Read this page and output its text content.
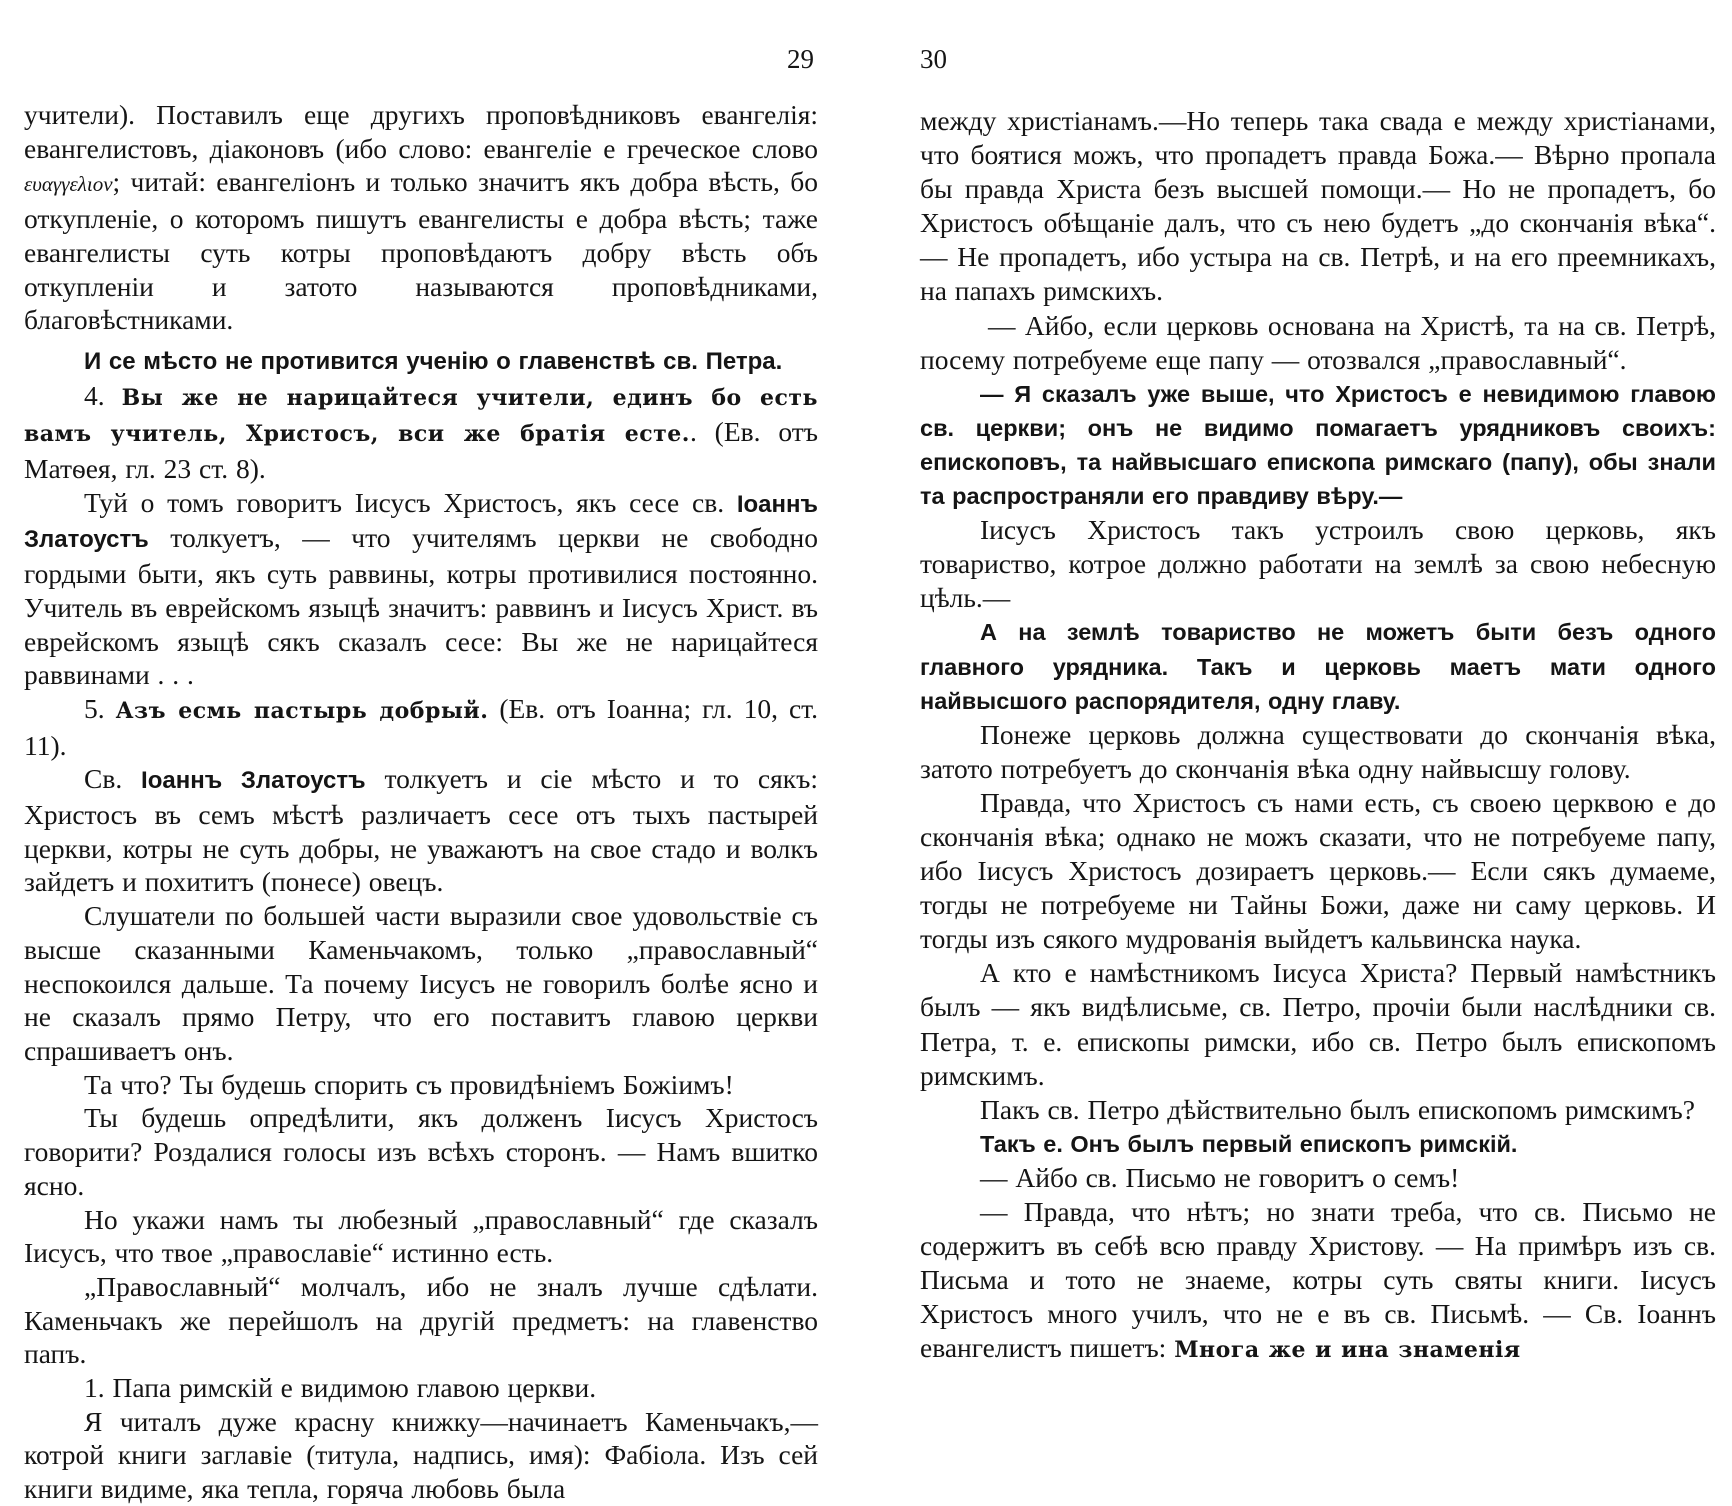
29

учители). Поставилъ еще другихъ проповѣдниковъ евангелія: евангелистовъ, діаконовъ (ибо слово: евангеліе е греческое слово ευαγγελιον; читай: евангеліонъ и только значитъ якъ добра вѣсть, бо откупленіе, о которомъ пишутъ евангелисты е добра вѣсть; таже евангелисты суть котры проповѣдаютъ добру вѣсть объ откупленіи и затото называются проповѣдниками, благовѣстниками.

И се мѣсто не противится ученію о главенствѣ св. Петра.

4. Вы же не нарицайтеся учители, единъ бо есть вамъ учитель, Христосъ, вси же братія есте.. (Ев. отъ Матѳея, гл. 23 ст. 8).

Туй о томъ говоритъ Іисусъ Христосъ, якъ сесе св. Іоаннъ Златоустъ толкуетъ, — что учителямъ церкви не свободно гордыми быти, якъ суть раввины, котры противилися постоянно. Учитель въ еврейскомъ языцѣ значитъ: раввинъ и Іисусъ Христ. въ еврейскомъ языцѣ сякъ сказалъ сесе: Вы же не нарицайтеся раввинами . . .

5. Азъ есмь пастырь добрый. (Ев. отъ Іоанна; гл. 10, ст. 11).

Св. Іоаннъ Златоустъ толкуетъ и сіе мѣсто и то сякъ: Христосъ въ семъ мѣстѣ различаетъ сесе отъ тыхъ пастырей церкви, котры не суть добры, не уважаютъ на свое стадо и волкъ зайдетъ и похититъ (понесе) овецъ.

Слушатели по большей части выразили свое удовольствіе съ высше сказанными Каменьчакомъ, только „православный“ неспокоился дальше. Та почему Іисусъ не говорилъ болѣе ясно и не сказалъ прямо Петру, что его поставитъ главою церкви спрашиваетъ онъ.

Та что? Ты будешь спорить съ провидѣніемъ Божіимъ!

Ты будешь опредѣлити, якъ долженъ Іисусъ Христосъ говорити? Роздалися голосы изъ всѣхъ сторонъ. — Намъ вшитко ясно.

Но укажи намъ ты любезный „православный“ где сказалъ Іисусъ, что твое „православіе“ истинно есть.

„Православный“ молчалъ, ибо не зналъ лучше сдѣлати. Каменьчакъ же перейшолъ на другій предметъ: на главенство папъ.

1. Папа римскій е видимою главою церкви.

Я читалъ дуже красну книжку—начинаетъ Каменьчакъ,—котрой книги заглавіе (титула, надпись, имя): Фабіола. Изъ сей книги видиме, яка тепла, горяча любовь была

30

между христіанамъ.—Но теперь така свада е между христіанами, что боятися можъ, что пропадетъ правда Божа.— Вѣрно пропала бы правда Христа безъ высшей помощи.— Но не пропадетъ, бо Христосъ обѣщаніе далъ, что съ нею будетъ „до скончанія вѣка“. — Не пропадетъ, ибо устыра на св. Петрѣ, и на его преемникахъ, на папахъ римскихъ.

— Айбо, если церковь основана на Христѣ, та на св. Петрѣ, посему потребуеме еще папу — отозвался „православный“.

— Я сказалъ уже выше, что Христосъ е невидимою главою св. церкви; онъ не видимо помагаетъ урядниковъ своихъ: епископовъ, та найвысшаго епископа римскаго (папу), обы знали та распространяли его правдиву вѣру.—

Іисусъ Христосъ такъ устроилъ свою церковь, якъ товариство, котрое должно работати на землѣ за свою небесную цѣль.—

А на землѣ товариство не можетъ быти безъ одного главного урядника. Такъ и церковь маетъ мати одного найвысшого распорядителя, одну главу.

Понеже церковь должна существовати до скончанія вѣка, затото потребуетъ до скончанія вѣка одну найвысшу голову.

Правда, что Христосъ съ нами есть, съ своею церквою е до скончанія вѣка; однако не можъ сказати, что не потребуеме папу, ибо Іисусъ Христосъ дозираетъ церковь.— Если сякъ думаеме, тогды не потребуеме ни Тайны Божи, даже ни саму церковь. И тогды изъ сякого мудрованія выйдетъ кальвинска наука.

А кто е намѣстникомъ Іисуса Христа? Первый намѣстникъ былъ — якъ видѣлисьме, св. Петро, прочіи были наслѣдники св. Петра, т. е. епископы римски, ибо св. Петро былъ епископомъ римскимъ.

Пакъ св. Петро дѣйствительно былъ епископомъ римскимъ?

Такъ е. Онъ былъ первый епископъ римскій.

— Айбо св. Письмо не говоритъ о семъ!

— Правда, что нѣтъ; но знати треба, что св. Письмо не содержитъ въ себѣ всю правду Христову. — На примѣръ изъ св. Письма и тото не знаеме, котры суть святы книги. Іисусъ Христосъ много училъ, что не е въ св. Письмѣ. — Св. Іоаннъ евангелистъ пишетъ: Многа же и ина знаменія
